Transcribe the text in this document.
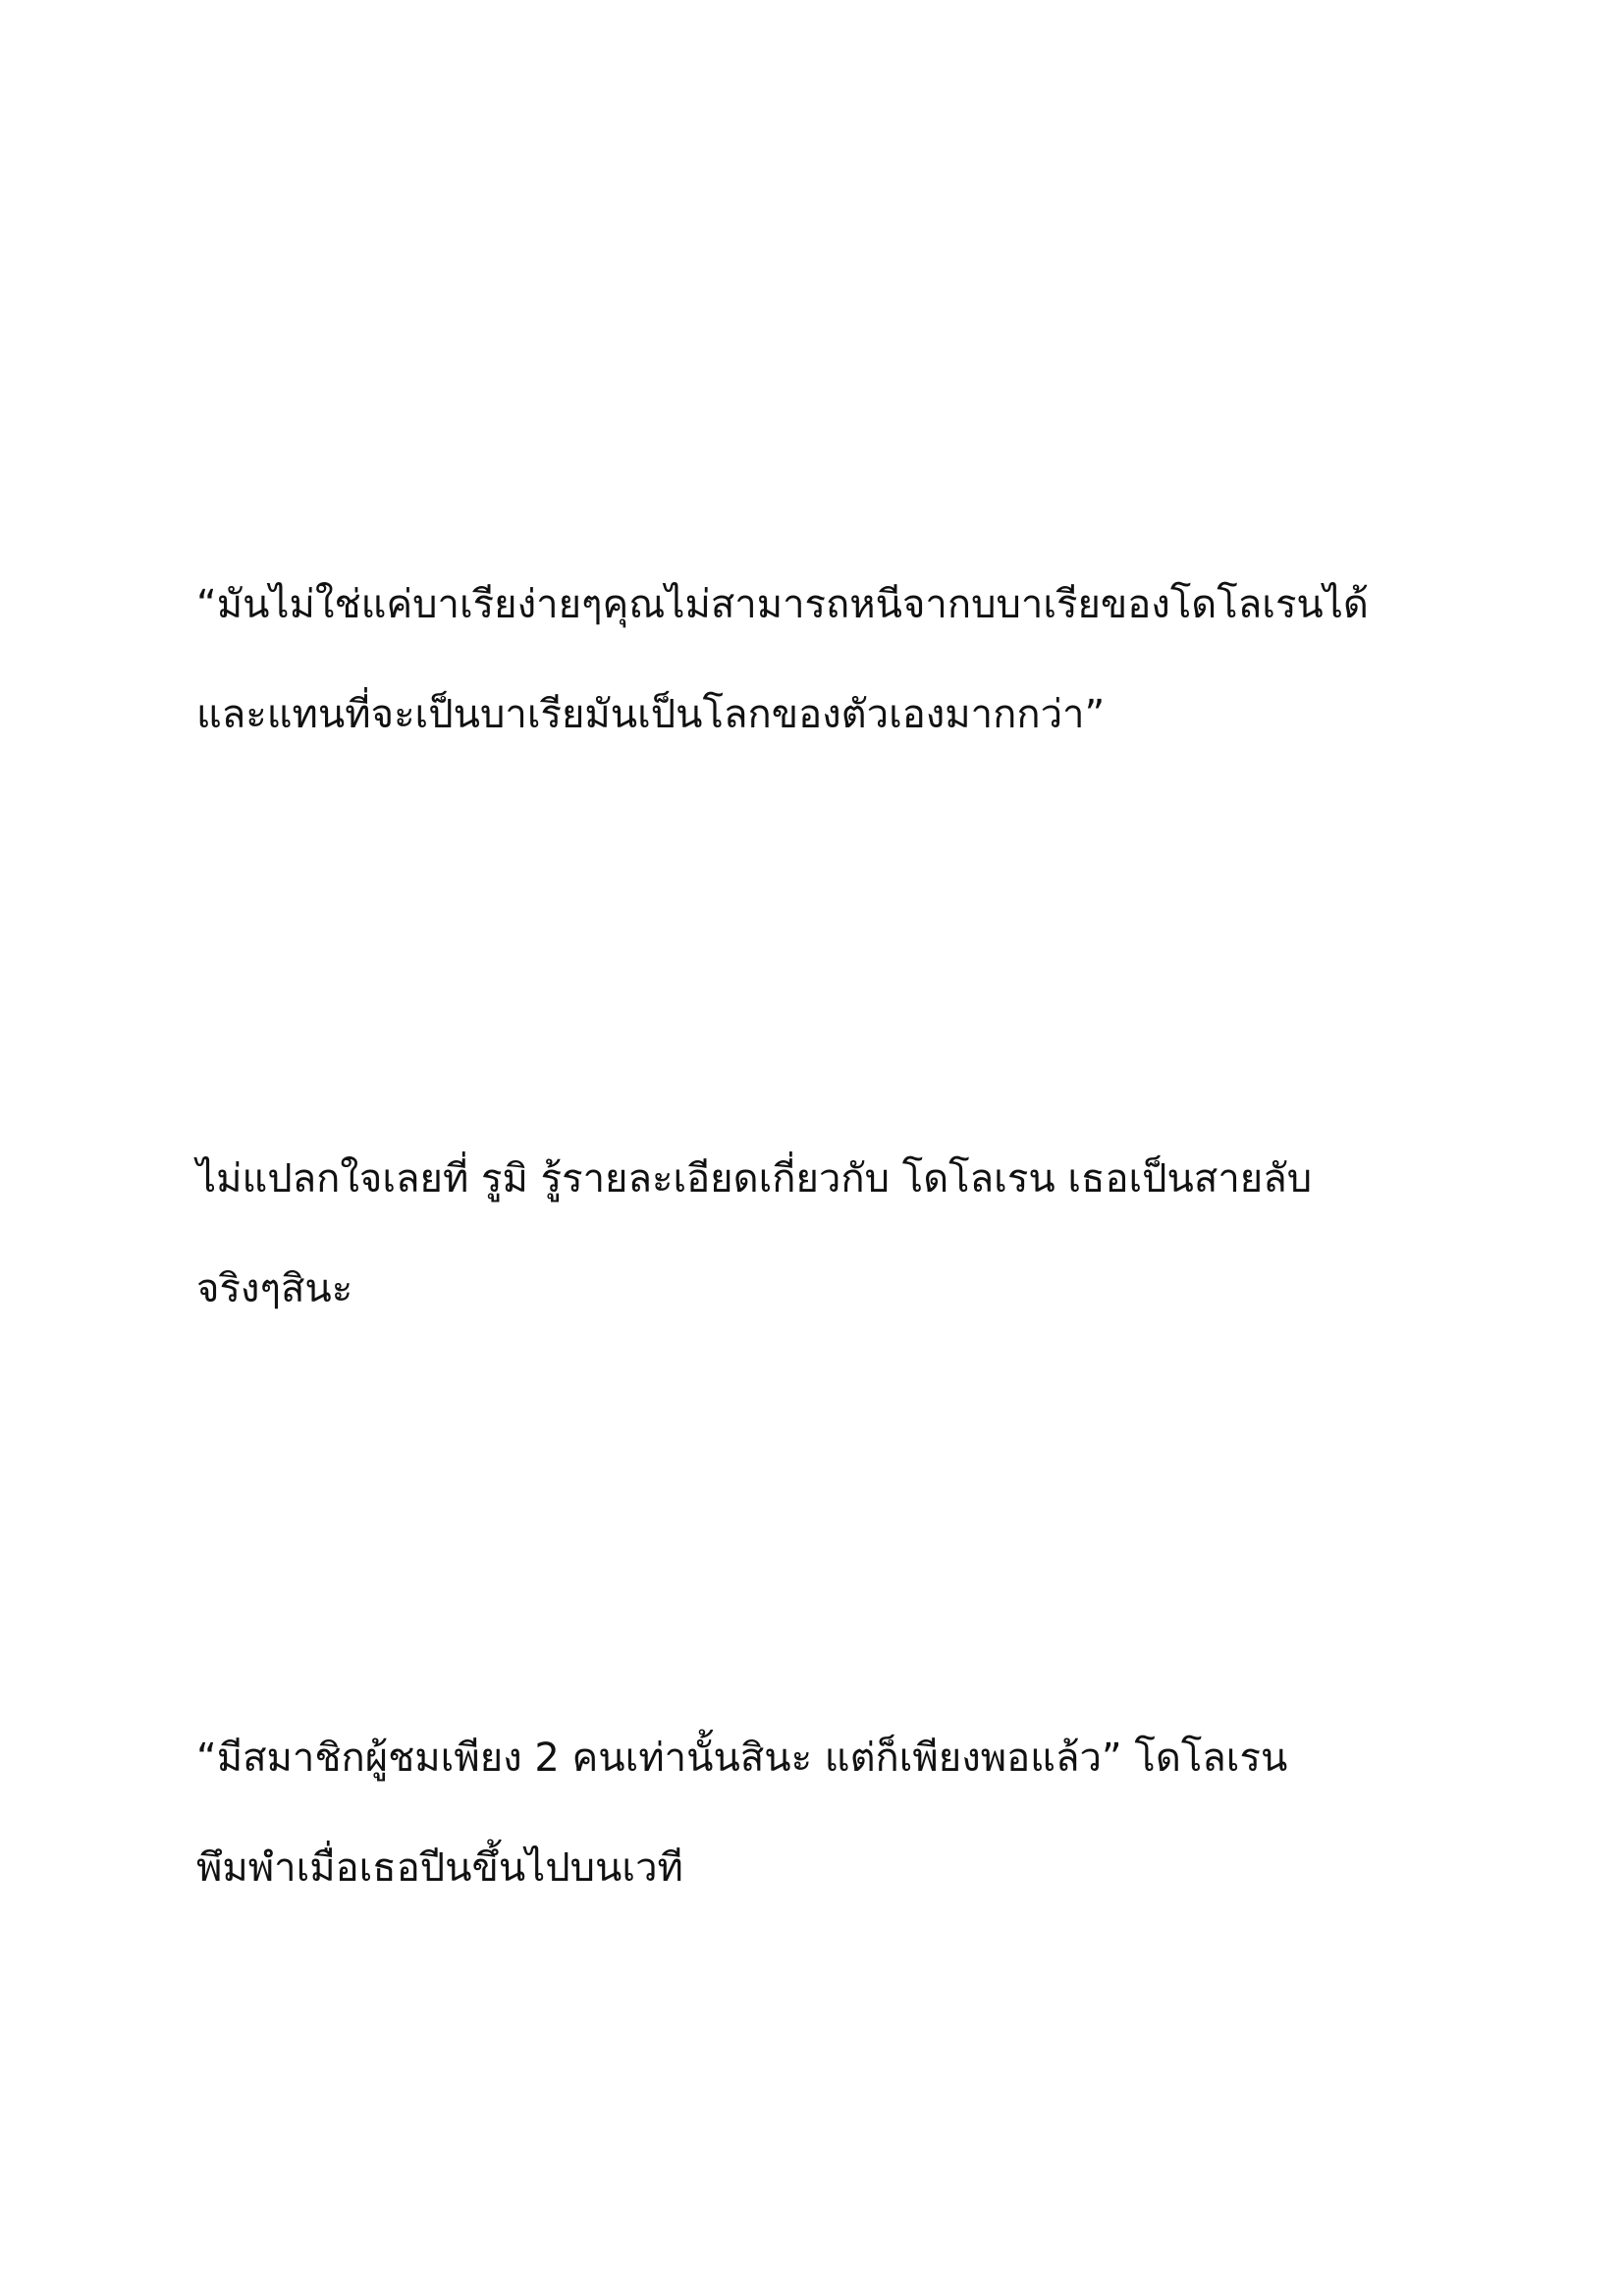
“มันไม่ใช่แค่บาเรียง่ายๆคุณไม่สามารถหนีจากบบาเรียของโดโลเรนได้
และแทนที่จะเป็นบาเรียมันเป็นโลกของตัวเองมากกว่า”

ไม่แปลกใจเลยที่ รูมิ รู้รายละเอียดเกี่ยวกับ โดโลเรน เธอเป็นสายลับ
จริงๆสินะ

“มีสมาชิกผู้ชมเพียง 2 คนเท่านั้นสินะ แต่ก็เพียงพอแล้ว” โดโลเรน
พึมพำเมื่อเธอปีนขึ้นไปบนเวที
